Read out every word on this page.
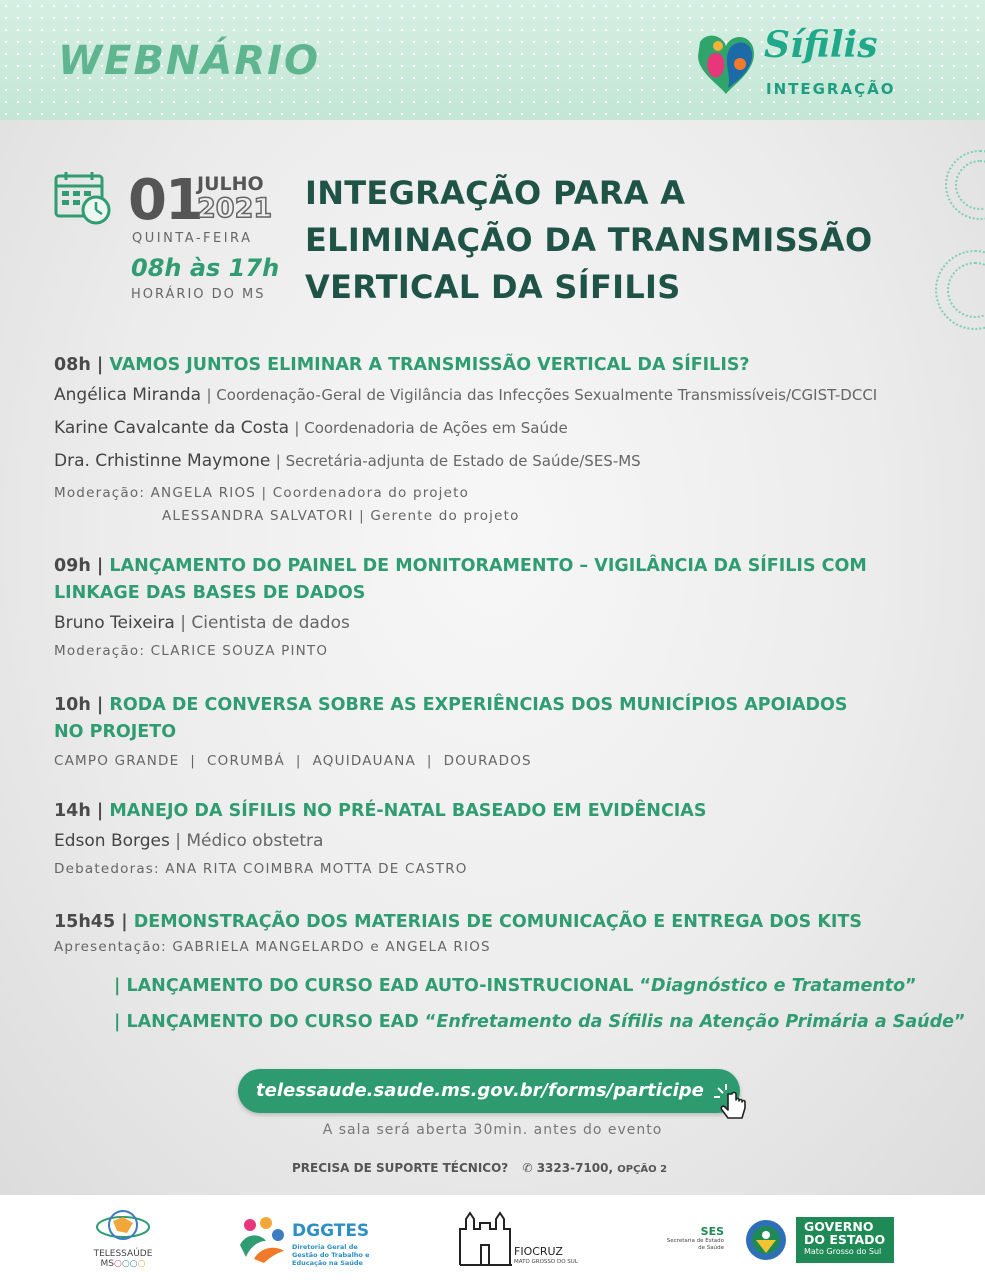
WEBNÁRIO	Sífilis
INTEGRAÇÃO
01
JULHO
2021
QUINTA-FEIRA
08h às 17h
HORÁRIO DO MS
INTEGRAÇÃO PARA A
ELIMINAÇÃO DA TRANSMISSÃO
VERTICAL DA SÍFILIS
08h | VAMOS JUNTOS ELIMINAR A TRANSMISSÃO VERTICAL DA SÍFILIS?
Angélica Miranda | Coordenação-Geral de Vigilância das Infecções Sexualmente Transmissíveis/CGIST-DCCI
Karine Cavalcante da Costa | Coordenadoria de Ações em Saúde
Dra. Crhistinne Maymone | Secretária-adjunta de Estado de Saúde/SES-MS
Moderação: ANGELA RIOS | Coordenadora do projeto
ALESSANDRA SALVATORI | Gerente do projeto
09h | LANÇAMENTO DO PAINEL DE MONITORAMENTO – VIGILÂNCIA DA SÍFILIS COM
LINKAGE DAS BASES DE DADOS
Bruno Teixeira | Cientista de dados
Moderação: CLARICE SOUZA PINTO
10h | RODA DE CONVERSA SOBRE AS EXPERIÊNCIAS DOS MUNICÍPIOS APOIADOS
NO PROJETO
CAMPO GRANDE  |  CORUMBÁ  |  AQUIDAUANA  |  DOURADOS
14h | MANEJO DA SÍFILIS NO PRÉ-NATAL BASEADO EM EVIDÊNCIAS
Edson Borges | Médico obstetra
Debatedoras: ANA RITA COIMBRA MOTTA DE CASTRO
15h45 | DEMONSTRAÇÃO DOS MATERIAIS DE COMUNICAÇÃO E ENTREGA DOS KITS
Apresentação: GABRIELA MANGELARDO e ANGELA RIOS
| LANÇAMENTO DO CURSO EAD AUTO-INSTRUCIONAL “Diagnóstico e Tratamento”
| LANÇAMENTO DO CURSO EAD “Enfretamento da Sífilis na Atenção Primária a Saúde”
telessaude.saude.ms.gov.br/forms/participe
A sala será aberta 30min. antes do evento
PRECISA DE SUPORTE TÉCNICO? ✆ 3323-7100, OPÇÃO 2
TELESSAÚDE
MS○○○○
DGGTES
Diretoria Geral de Gestão do Trabalho e Educação na Saúde
FIOCRUZ
MATO GROSSO DO SUL
SES
Secretaria de Estado de Saúde
GOVERNO
DO ESTADO
Mato Grosso do Sul
